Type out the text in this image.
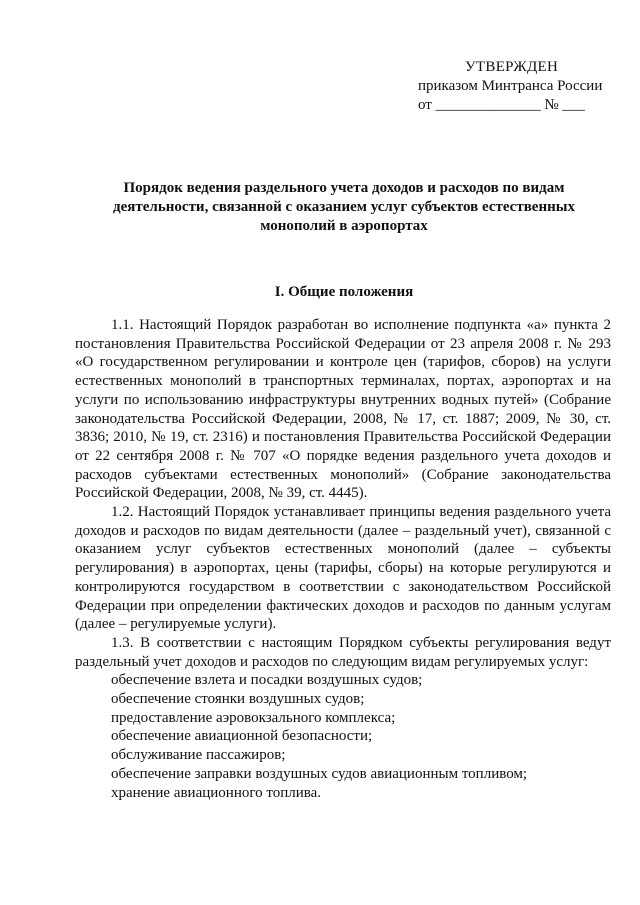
УТВЕРЖДЕН
приказом Минтранса России
от ______________ № ___
Порядок ведения раздельного учета доходов и расходов по видам деятельности, связанной с оказанием услуг субъектов естественных монополий в аэропортах
I. Общие положения

1.1. Настоящий Порядок разработан во исполнение подпункта «а» пункта 2 постановления Правительства Российской Федерации от 23 апреля 2008 г. № 293 «О государственном регулировании и контроле цен (тарифов, сборов) на услуги естественных монополий в транспортных терминалах, портах, аэропортах и на услуги по использованию инфраструктуры внутренних водных путей» (Собрание законодательства Российской Федерации, 2008, № 17, ст. 1887; 2009, № 30, ст. 3836; 2010, № 19, ст. 2316) и постановления Правительства Российской Федерации от 22 сентября 2008 г. № 707 «О порядке ведения раздельного учета доходов и расходов субъектами естественных монополий» (Собрание законодательства Российской Федерации, 2008, № 39, ст. 4445).

1.2. Настоящий Порядок устанавливает принципы ведения раздельного учета доходов и расходов по видам деятельности (далее – раздельный учет), связанной с оказанием услуг субъектов естественных монополий (далее – субъекты регулирования) в аэропортах, цены (тарифы, сборы) на которые регулируются и контролируются государством в соответствии с законодательством Российской Федерации при определении фактических доходов и расходов по данным услугам (далее – регулируемые услуги).

1.3. В соответствии с настоящим Порядком субъекты регулирования ведут раздельный учет доходов и расходов по следующим видам регулируемых услуг:

обеспечение взлета и посадки воздушных судов;
обеспечение стоянки воздушных судов;
предоставление аэровокзального комплекса;
обеспечение авиационной безопасности;
обслуживание пассажиров;
обеспечение заправки воздушных судов авиационным топливом;
хранение авиационного топлива.
